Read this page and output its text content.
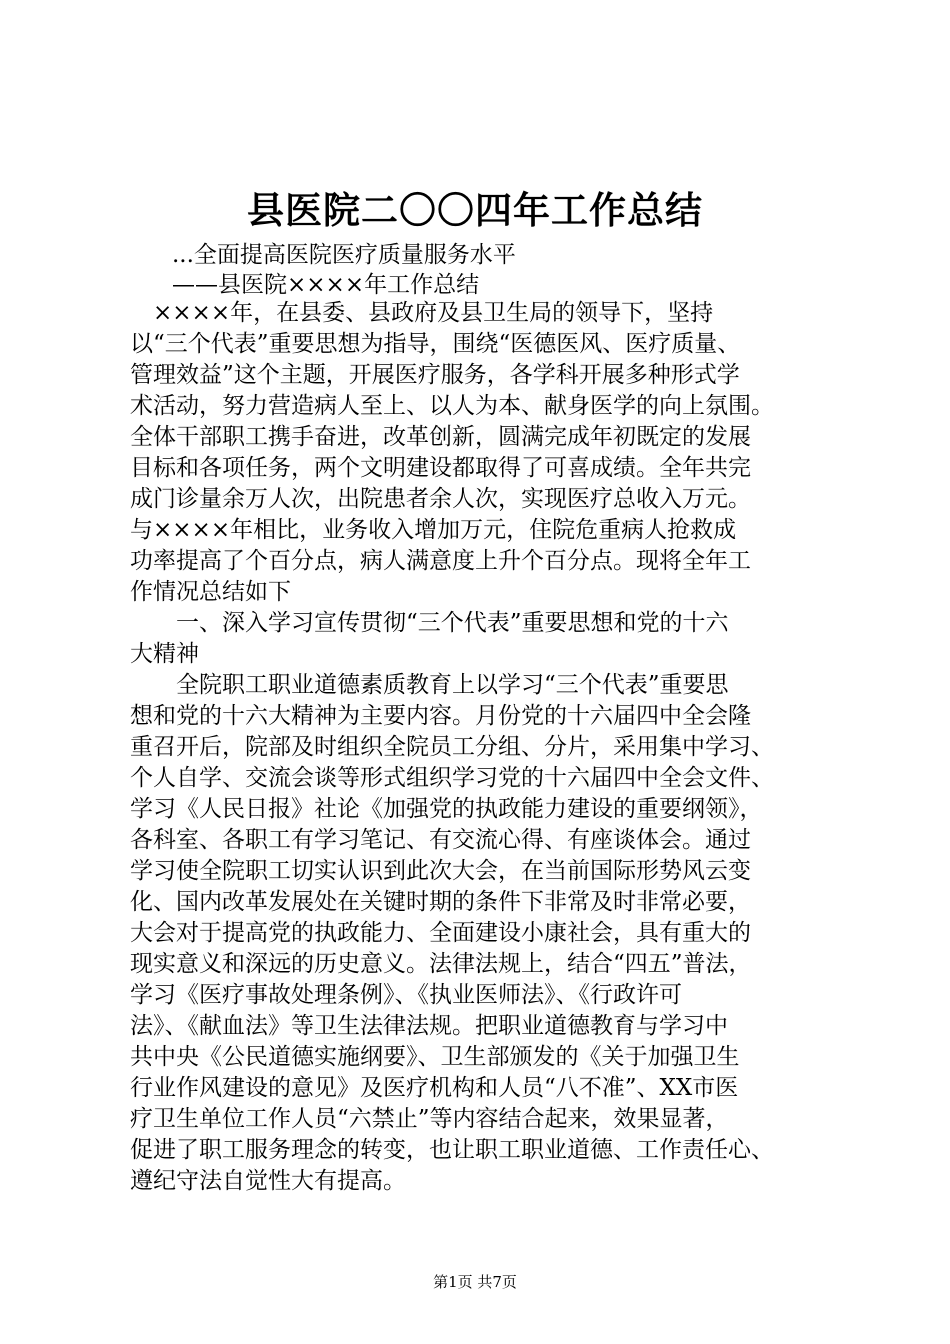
县医院二〇〇四年工作总结
...全面提高医院医疗质量服务水平
——县医院××××年工作总结
　××××年，在县委、县政府及县卫生局的领导下，坚持
以“三个代表”重要思想为指导，围绕“医德医风、医疗质量、
管理效益”这个主题，开展医疗服务，各学科开展多种形式学
术活动，努力营造病人至上、以人为本、献身医学的向上氛围。
全体干部职工携手奋进，改革创新，圆满完成年初既定的发展
目标和各项任务，两个文明建设都取得了可喜成绩。全年共完
成门诊量余万人次，出院患者余人次，实现医疗总收入万元。
与××××年相比，业务收入增加万元，住院危重病人抢救成
功率提高了个百分点，病人满意度上升个百分点。现将全年工
作情况总结如下
　　一、深入学习宣传贯彻“三个代表”重要思想和党的十六
大精神
　　全院职工职业道德素质教育上以学习“三个代表”重要思
想和党的十六大精神为主要内容。月份党的十六届四中全会隆
重召开后，院部及时组织全院员工分组、分片，采用集中学习、
个人自学、交流会谈等形式组织学习党的十六届四中全会文件、
学习《人民日报》社论《加强党的执政能力建设的重要纲领》，
各科室、各职工有学习笔记、有交流心得、有座谈体会。通过
学习使全院职工切实认识到此次大会，在当前国际形势风云变
化、国内改革发展处在关键时期的条件下非常及时非常必要，
大会对于提高党的执政能力、全面建设小康社会，具有重大的
现实意义和深远的历史意义。法律法规上，结合“四五”普法，
学习《医疗事故处理条例》、《执业医师法》、《行政许可
法》、《献血法》等卫生法律法规。把职业道德教育与学习中
共中央《公民道德实施纲要》、卫生部颁发的《关于加强卫生
行业作风建设的意见》及医疗机构和人员“八不准”、XX市医
疗卫生单位工作人员“六禁止”等内容结合起来，效果显著，
促进了职工服务理念的转变，也让职工职业道德、工作责任心、
遵纪守法自觉性大有提高。
第1页 共7页
